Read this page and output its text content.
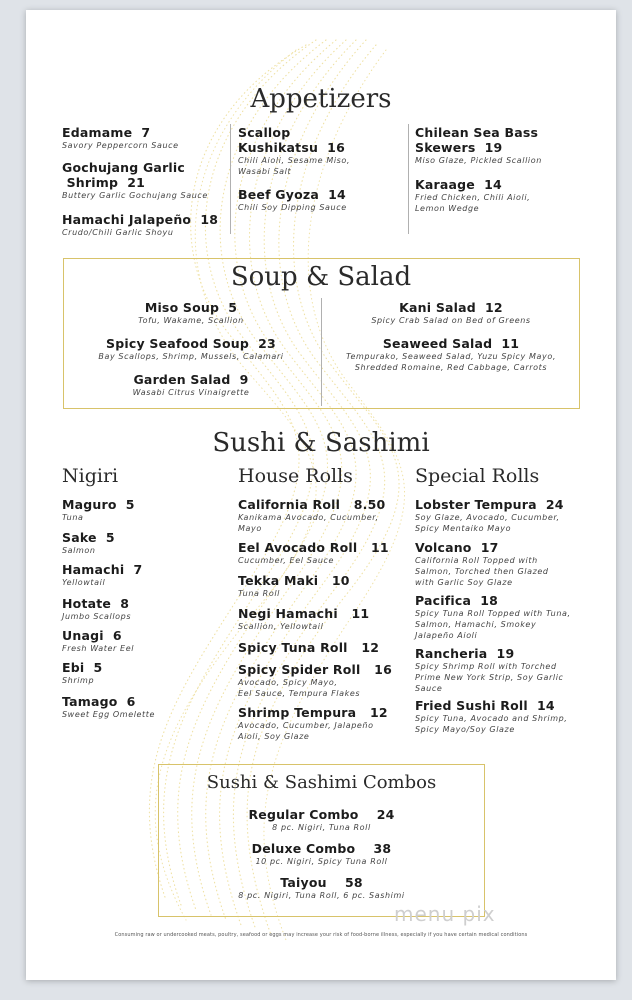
Appetizers
Edamame 7
Savory Peppercorn Sauce
Gochujang Garlic
Shrimp 21
Buttery Garlic Gochujang Sauce
Hamachi Jalapeño 18
Crudo/Chili Garlic Shoyu
Scallop
Kushikatsu 16
Chili Aioli, Sesame Miso,
Wasabi Salt
Beef Gyoza 14
Chili Soy Dipping Sauce
Chilean Sea Bass
Skewers 19
Miso Glaze, Pickled Scallion
Karaage 14
Fried Chicken, Chili Aioli,
Lemon Wedge
Soup & Salad
Miso Soup 5
Tofu, Wakame, Scallion
Spicy Seafood Soup 23
Bay Scallops, Shrimp, Mussels, Calamari
Garden Salad 9
Wasabi Citrus Vinaigrette
Kani Salad 12
Spicy Crab Salad on Bed of Greens
Seaweed Salad 11
Tempurako, Seaweed Salad, Yuzu Spicy Mayo,
Shredded Romaine, Red Cabbage, Carrots
Sushi & Sashimi
Nigiri	House Rolls	Special Rolls
Maguro 5
Tuna
Sake 5
Salmon
Hamachi 7
Yellowtail
Hotate 8
Jumbo Scallops
Unagi 6
Fresh Water Eel
Ebi 5
Shrimp
Tamago 6
Sweet Egg Omelette
California Roll 8.50
Kanikama Avocado, Cucumber,
Mayo
Eel Avocado Roll 11
Cucumber, Eel Sauce
Tekka Maki 10
Tuna Roll
Negi Hamachi 11
Scallion, Yellowtail
Spicy Tuna Roll 12
Spicy Spider Roll 16
Avocado, Spicy Mayo,
Eel Sauce, Tempura Flakes
Shrimp Tempura 12
Avocado, Cucumber, Jalapeño
Aioli, Soy Glaze
Lobster Tempura 24
Soy Glaze, Avocado, Cucumber,
Spicy Mentaiko Mayo
Volcano 17
California Roll Topped with
Salmon, Torched then Glazed
with Garlic Soy Glaze
Pacifica 18
Spicy Tuna Roll Topped with Tuna,
Salmon, Hamachi, Smokey
Jalapeño Aioli
Rancheria 19
Spicy Shrimp Roll with Torched
Prime New York Strip, Soy Garlic
Sauce
Fried Sushi Roll 14
Spicy Tuna, Avocado and Shrimp,
Spicy Mayo/Soy Glaze
Sushi & Sashimi Combos
Regular Combo 24
8 pc. Nigiri, Tuna Roll
Deluxe Combo 38
10 pc. Nigiri, Spicy Tuna Roll
Taiyou 58
8 pc. Nigiri, Tuna Roll, 6 pc. Sashimi
menu pix
Consuming raw or undercooked meats, poultry, seafood or eggs may increase your risk of food-borne illness, especially if you have certain medical conditions
